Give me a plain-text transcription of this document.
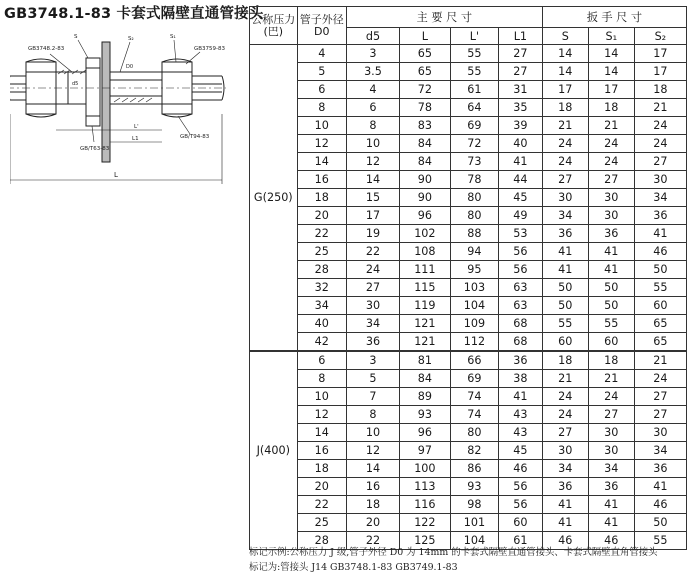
GB3748.1-83 卡套式隔壁直通管接头
GB3748.2-83
S	S₂	S₁
GB3759-83
L'
d5
D0
L1
GB/T63-83
GB/T94-83
L
公称压力
(巴)	管子外径
D0	主 要 尺 寸				扳 手 尺 寸		
		d5	L	L'	L1	S	S₁	S₂
G(250)	4	3	65	55	27	14	14	17
	5	3.5	65	55	27	14	14	17
	6	4	72	61	31	17	17	18
	8	6	78	64	35	18	18	21
	10	8	83	69	39	21	21	24
	12	10	84	72	40	24	24	24
	14	12	84	73	41	24	24	27
	16	14	90	78	44	27	27	30
	18	15	90	80	45	30	30	34
	20	17	96	80	49	34	30	36
	22	19	102	88	53	36	36	41
	25	22	108	94	56	41	41	46
	28	24	111	95	56	41	41	50
	32	27	115	103	63	50	50	55
	34	30	119	104	63	50	50	60
	40	34	121	109	68	55	55	65
	42	36	121	112	68	60	60	65
J(400)	6	3	81	66	36	18	18	21
	8	5	84	69	38	21	21	24
	10	7	89	74	41	24	24	27
	12	8	93	74	43	24	27	27
	14	10	96	80	43	27	30	30
	16	12	97	82	45	30	30	34
	18	14	100	86	46	34	34	36
	20	16	113	93	56	36	36	41
	22	18	116	98	56	41	41	46
	25	20	122	101	60	41	41	50
	28	22	125	104	61	46	46	55
标记示例:公称压力 J 级,管子外径 D0 为 14mm 的卡套式隔壁直通管接头、卡套式隔壁直角管接头
标记为:管接头 J14 GB3748.1-83 GB3749.1-83
